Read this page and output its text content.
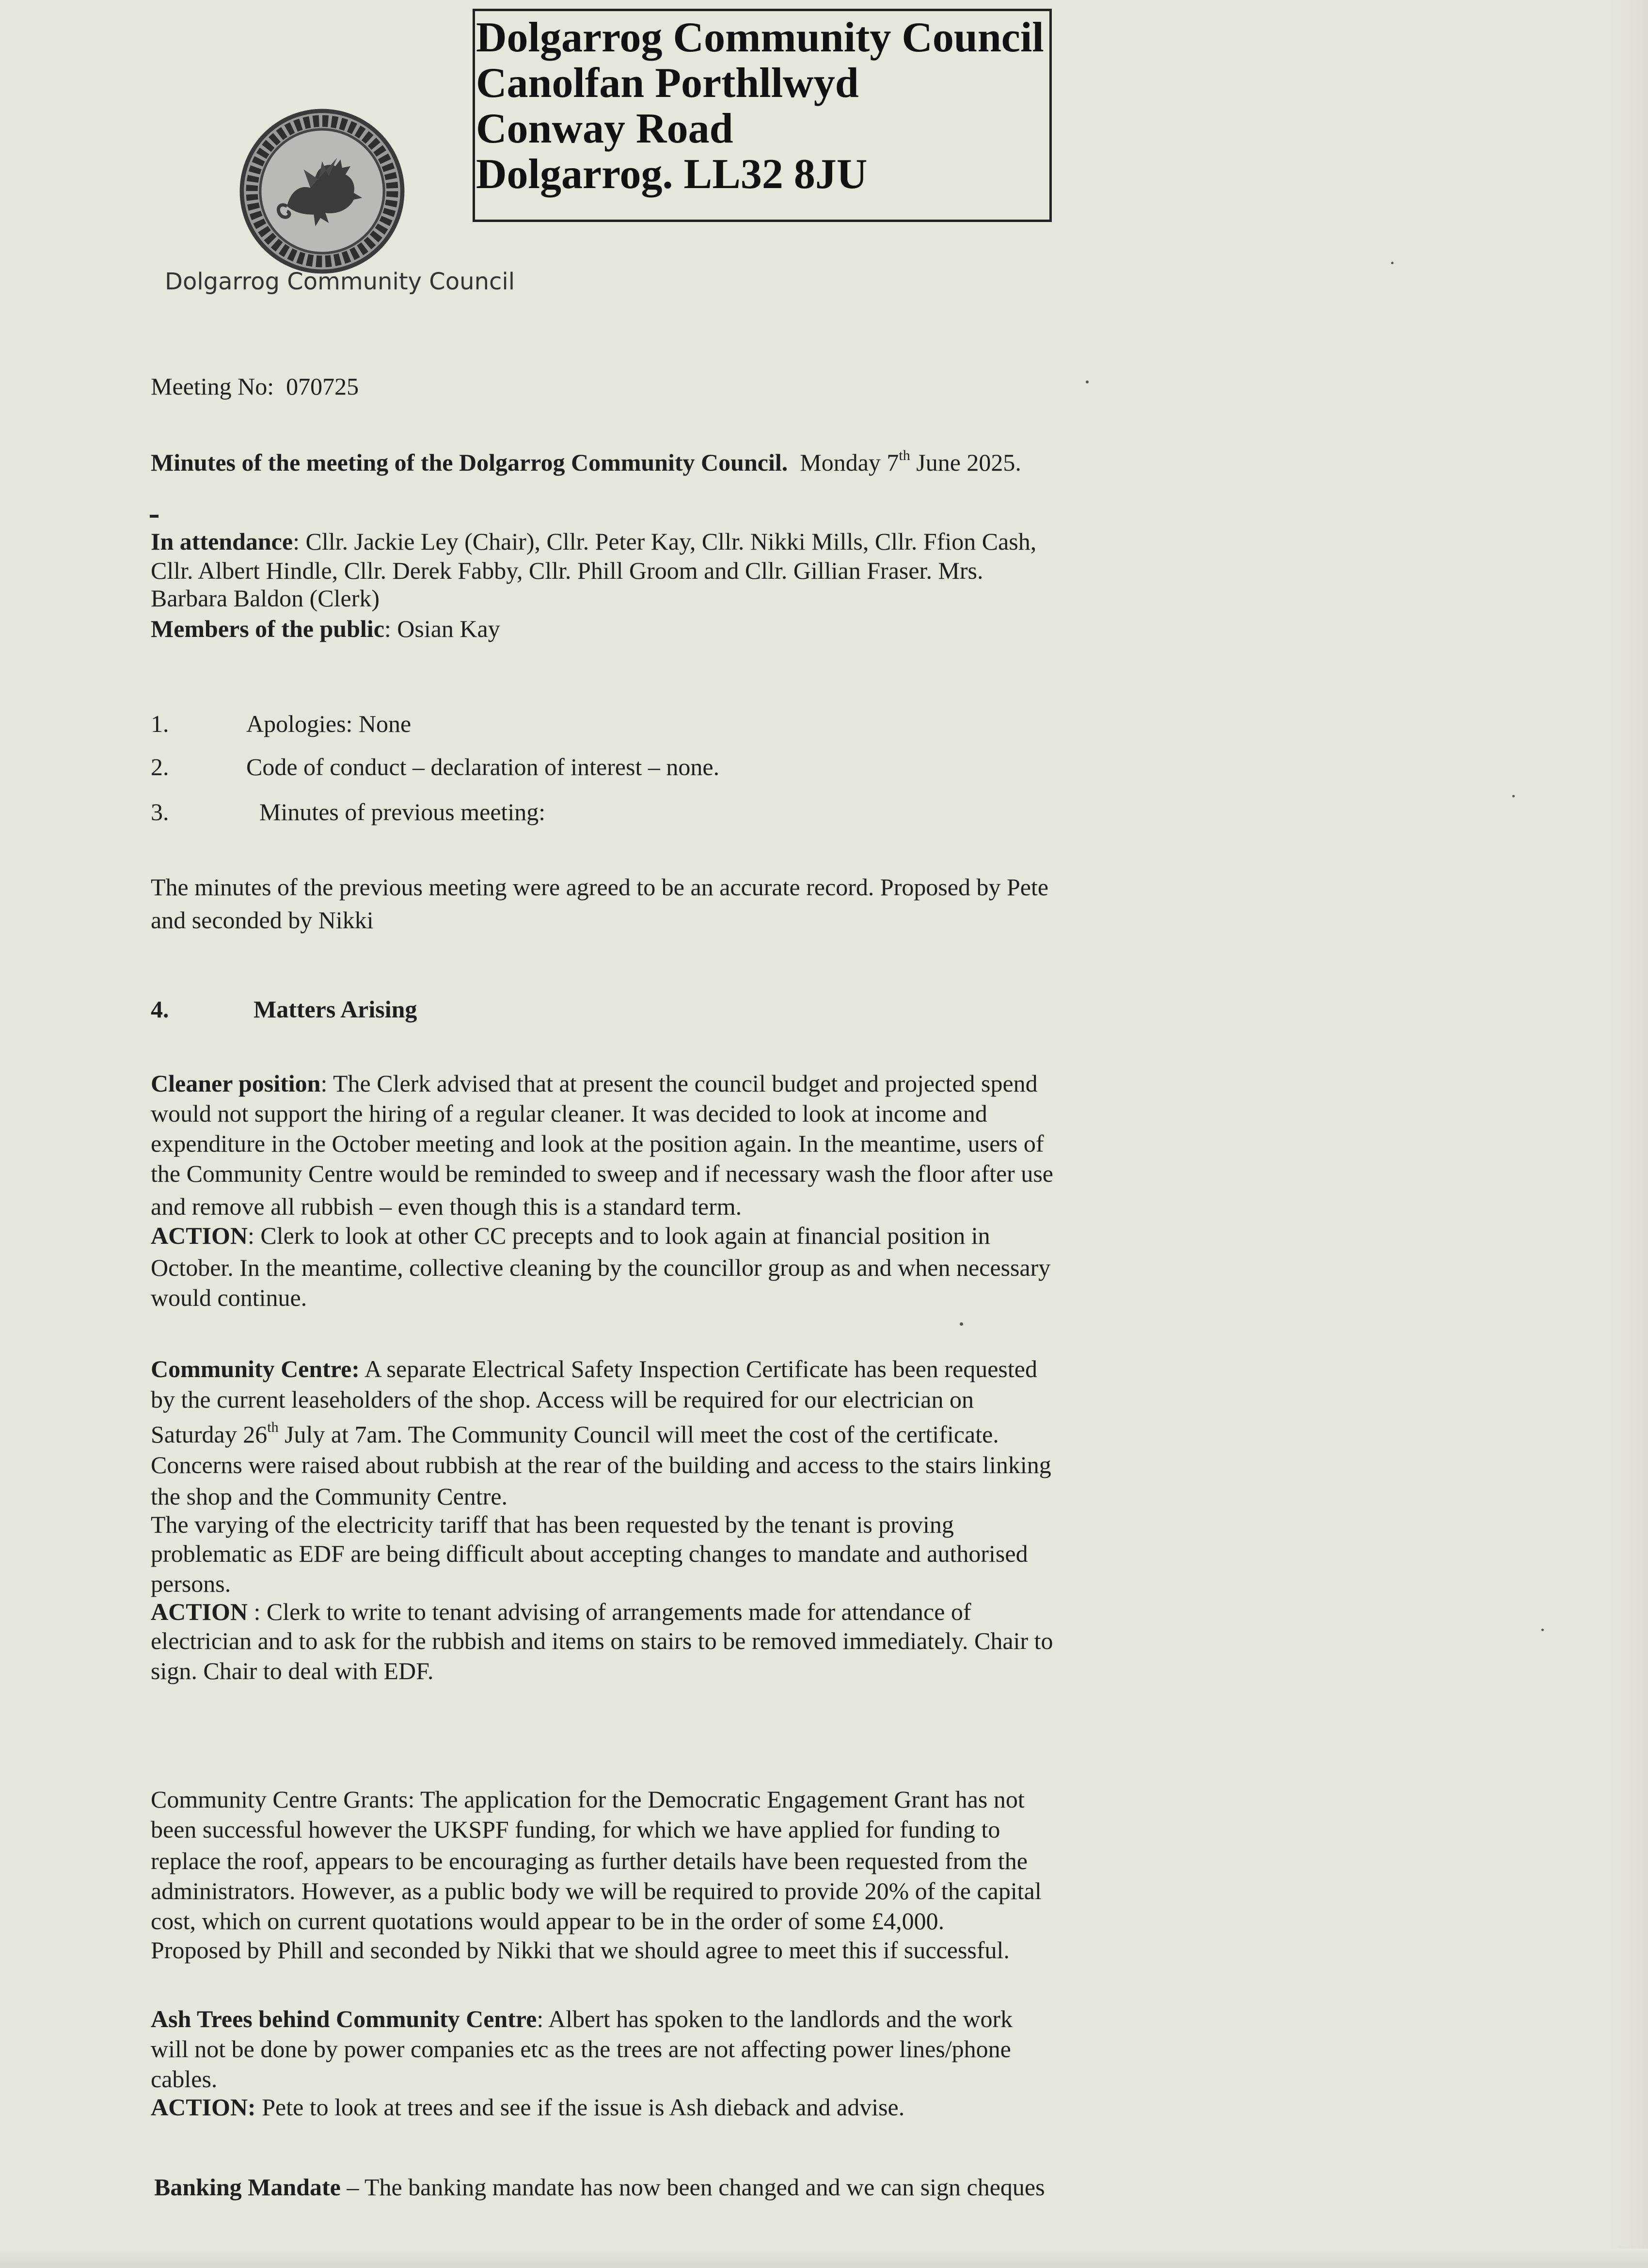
Dolgarrog Community Council
Canolfan Porthllwyd
Conway Road
Dolgarrog. LL32 8JU
Dolgarrog Community Council
Meeting No: 070725
Minutes of the meeting of the Dolgarrog Community Council. Monday 7th June 2025.
In attendance: Cllr. Jackie Ley (Chair), Cllr. Peter Kay, Cllr. Nikki Mills, Cllr. Ffion Cash,
Cllr. Albert Hindle, Cllr. Derek Fabby, Cllr. Phill Groom and Cllr. Gillian Fraser. Mrs.
Barbara Baldon (Clerk)
Members of the public: Osian Kay
1.	Apologies: None
2.	Code of conduct – declaration of interest – none.
3.	Minutes of previous meeting:
The minutes of the previous meeting were agreed to be an accurate record. Proposed by Pete
and seconded by Nikki
4.	Matters Arising
Cleaner position: The Clerk advised that at present the council budget and projected spend
would not support the hiring of a regular cleaner. It was decided to look at income and
expenditure in the October meeting and look at the position again. In the meantime, users of
the Community Centre would be reminded to sweep and if necessary wash the floor after use
and remove all rubbish – even though this is a standard term.
ACTION: Clerk to look at other CC precepts and to look again at financial position in
October. In the meantime, collective cleaning by the councillor group as and when necessary
would continue.
Community Centre: A separate Electrical Safety Inspection Certificate has been requested
by the current leaseholders of the shop. Access will be required for our electrician on
Saturday 26th July at 7am. The Community Council will meet the cost of the certificate.
Concerns were raised about rubbish at the rear of the building and access to the stairs linking
the shop and the Community Centre.
The varying of the electricity tariff that has been requested by the tenant is proving
problematic as EDF are being difficult about accepting changes to mandate and authorised
persons.
ACTION : Clerk to write to tenant advising of arrangements made for attendance of
electrician and to ask for the rubbish and items on stairs to be removed immediately. Chair to
sign. Chair to deal with EDF.
Community Centre Grants: The application for the Democratic Engagement Grant has not
been successful however the UKSPF funding, for which we have applied for funding to
replace the roof, appears to be encouraging as further details have been requested from the
administrators. However, as a public body we will be required to provide 20% of the capital
cost, which on current quotations would appear to be in the order of some £4,000.
Proposed by Phill and seconded by Nikki that we should agree to meet this if successful.
Ash Trees behind Community Centre: Albert has spoken to the landlords and the work
will not be done by power companies etc as the trees are not affecting power lines/phone
cables.
ACTION: Pete to look at trees and see if the issue is Ash dieback and advise.
Banking Mandate – The banking mandate has now been changed and we can sign cheques
